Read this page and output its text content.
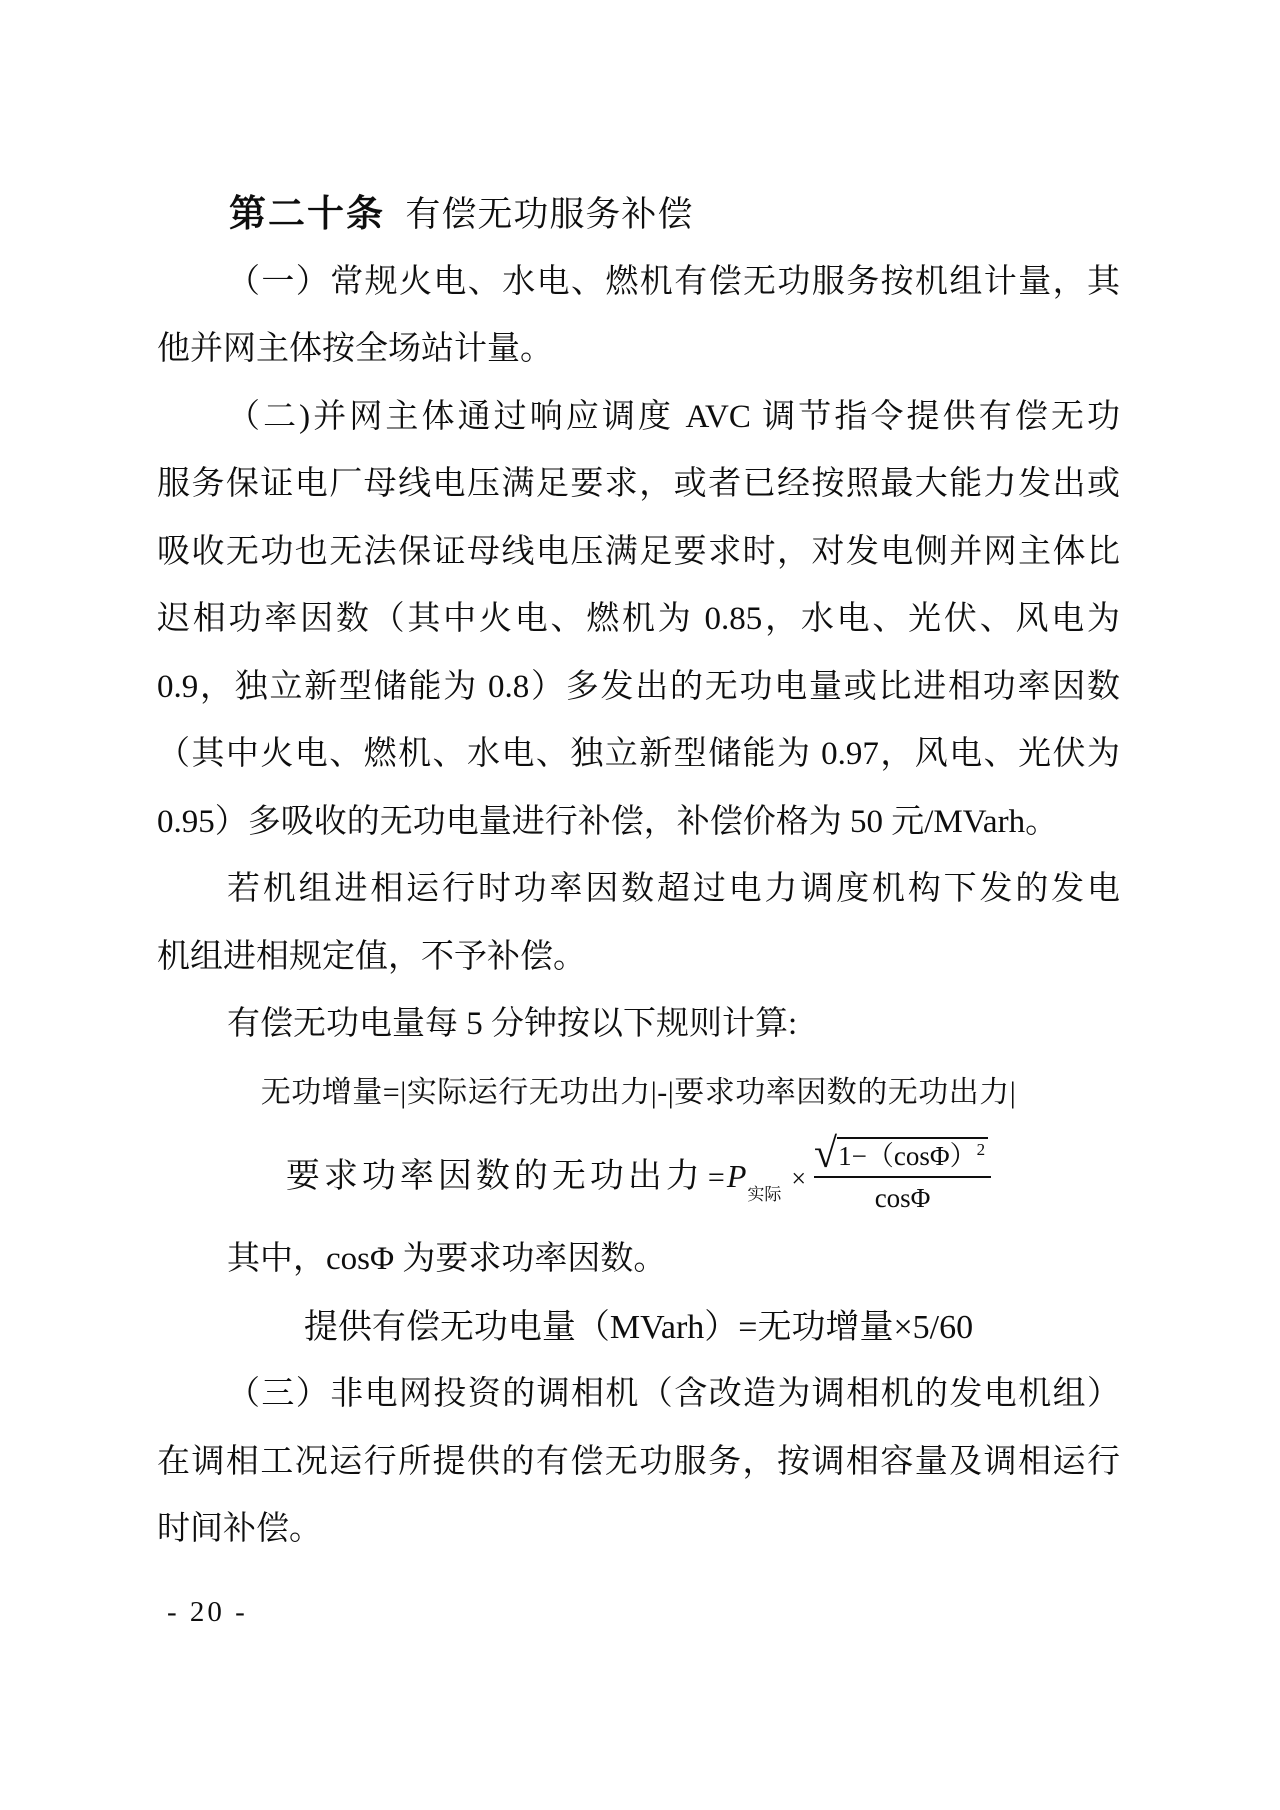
第二十条 有偿无功服务补偿
（一）常规火电、水电、燃机有偿无功服务按机组计量，其
他并网主体按全场站计量。
（二)并网主体通过响应调度 AVC 调节指令提供有偿无功
服务保证电厂母线电压满足要求，或者已经按照最大能力发出或
吸收无功也无法保证母线电压满足要求时，对发电侧并网主体比
迟相功率因数（其中火电、燃机为 0.85，水电、光伏、风电为
0.9，独立新型储能为 0.8）多发出的无功电量或比进相功率因数
（其中火电、燃机、水电、独立新型储能为 0.97，风电、光伏为
0.95）多吸收的无功电量进行补偿，补偿价格为 50 元/MVarh。
若机组进相运行时功率因数超过电力调度机构下发的发电
机组进相规定值，不予补偿。
有偿无功电量每 5 分钟按以下规则计算:
无功增量=|实际运行无功出力|-|要求功率因数的无功出力|
要求功率因数的无功出力 $=P_{实际}\times \frac{√ 1-(\cos\Phi)^2}{\cos\Phi}$
其中，cosΦ 为要求功率因数。
提供有偿无功电量（MVarh）=无功增量×5/60
（三）非电网投资的调相机（含改造为调相机的发电机组）
在调相工况运行所提供的有偿无功服务，按调相容量及调相运行
时间补偿。
- 20 -
